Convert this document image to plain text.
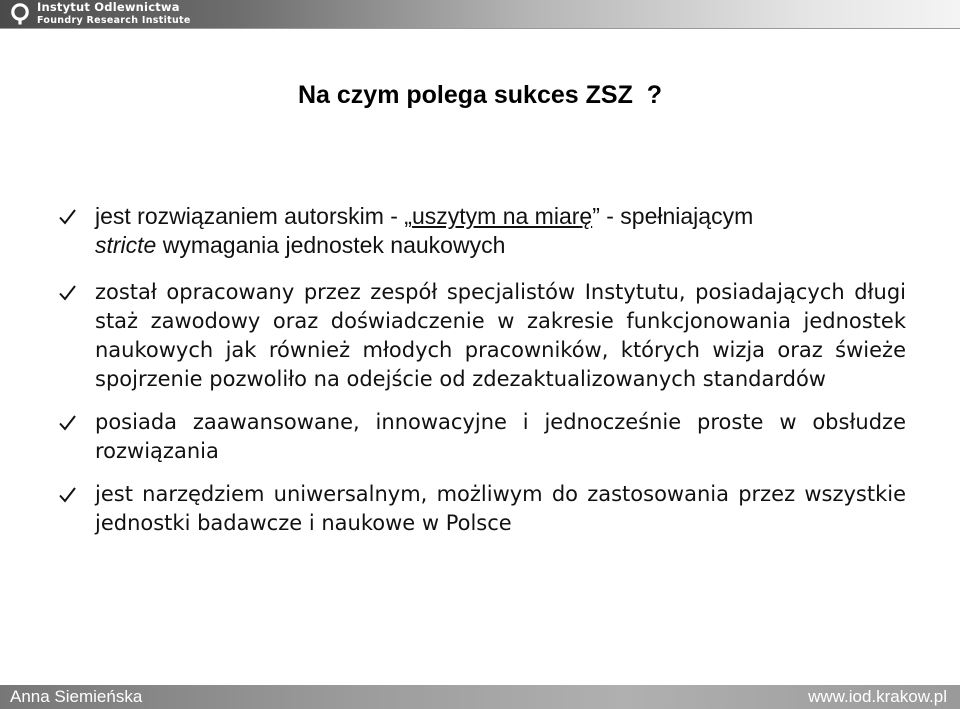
Instytut Odlewnictwa
Foundry Research Institute
Na czym polega sukces ZSZ  ?

jest rozwiązaniem autorskim - „uszytym na miarę” - spełniającym

stricte wymagania jednostek naukowych

został opracowany przez zespół specjalistów Instytutu, posiadających długi staż zawodowy oraz doświadczenie w zakresie funkcjonowania jednostek naukowych jak również młodych pracowników, których wizja oraz świeże spojrzenie pozwoliło na odejście od zdezaktualizowanych standardów

posiada zaawansowane, innowacyjne i jednocześnie proste w obsłudze rozwiązania

jest narzędziem uniwersalnym, możliwym do zastosowania przez wszystkie jednostki badawcze i naukowe w Polsce

Anna Siemieńska	www.iod.krakow.pl
